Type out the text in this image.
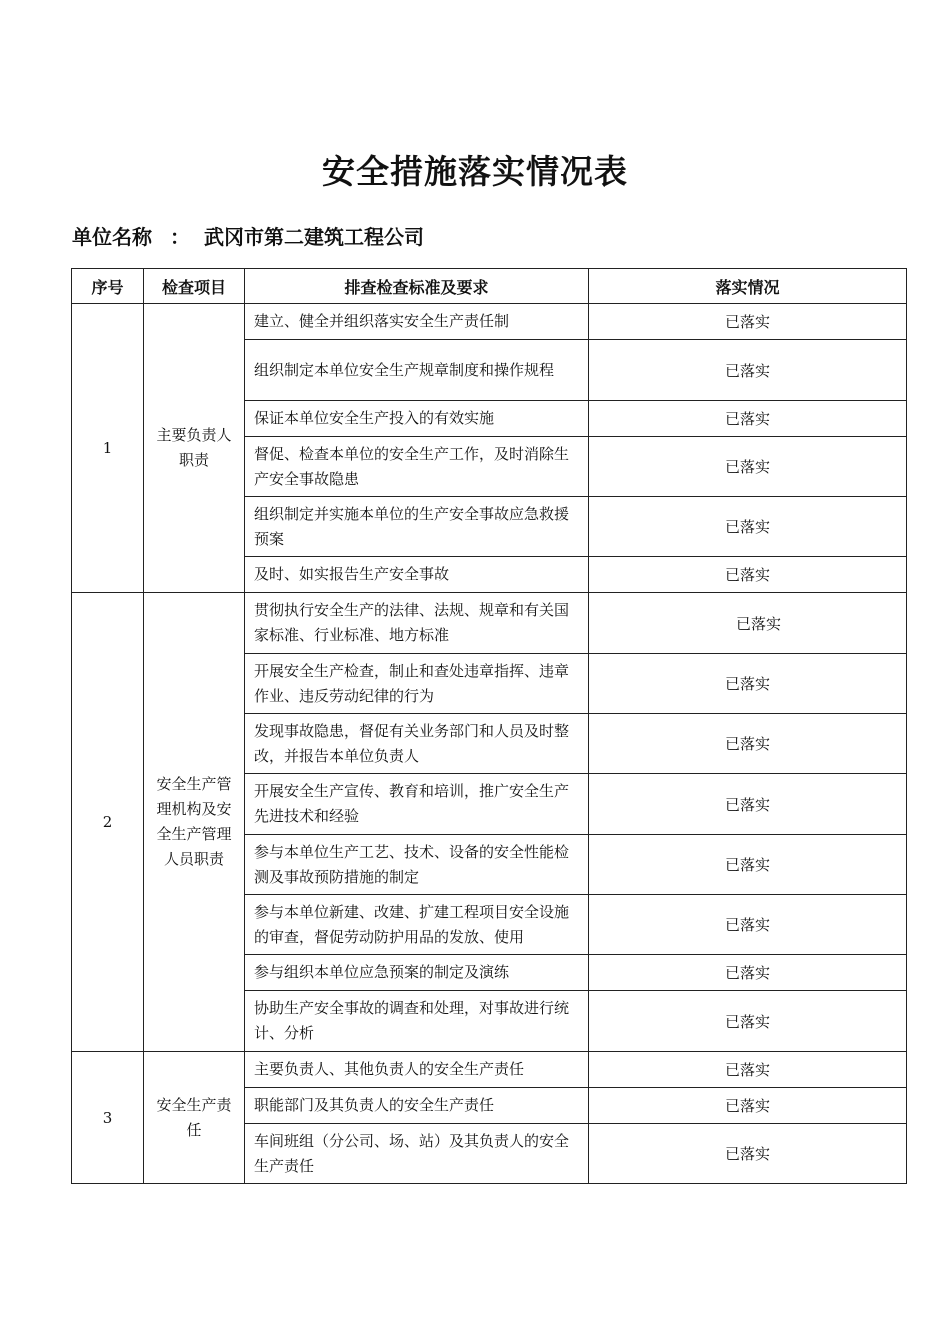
安全措施落实情况表
单位名称 ： 武冈市第二建筑工程公司
序号	检查项目	排查检查标准及要求	落实情况
1	主要负责人职责	建立、健全并组织落实安全生产责任制	已落实
		组织制定本单位安全生产规章制度和操作规程	已落实
		保证本单位安全生产投入的有效实施	已落实
		督促、检查本单位的安全生产工作，及时消除生产安全事故隐患	已落实
		组织制定并实施本单位的生产安全事故应急救援预案	已落实
		及时、如实报告生产安全事故	已落实
2	安全生产管理机构及安全生产管理人员职责	贯彻执行安全生产的法律、法规、规章和有关国家标准、行业标准、地方标准	已落实
		开展安全生产检查，制止和查处违章指挥、违章作业、违反劳动纪律的行为	已落实
		发现事故隐患，督促有关业务部门和人员及时整改，并报告本单位负责人	已落实
		开展安全生产宣传、教育和培训，推广安全生产先进技术和经验	已落实
		参与本单位生产工艺、技术、设备的安全性能检测及事故预防措施的制定	已落实
		参与本单位新建、改建、扩建工程项目安全设施的审查，督促劳动防护用品的发放、使用	已落实
		参与组织本单位应急预案的制定及演练	已落实
		协助生产安全事故的调查和处理，对事故进行统计、分析	已落实
3	安全生产责任	主要负责人、其他负责人的安全生产责任	已落实
		职能部门及其负责人的安全生产责任	已落实
		车间班组（分公司、场、站）及其负责人的安全生产责任	已落实
